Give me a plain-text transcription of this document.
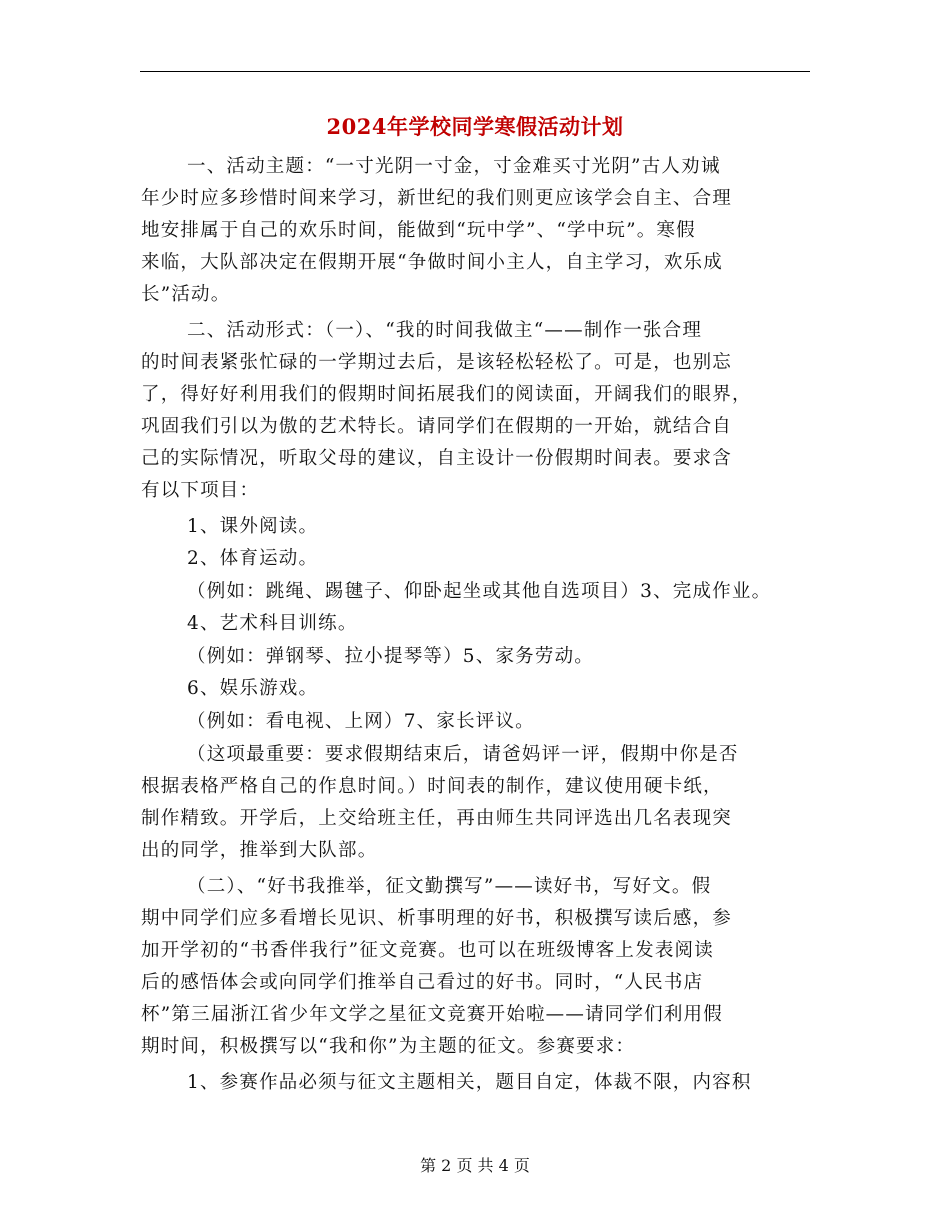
2024年学校同学寒假活动计划
一、活动主题：“一寸光阴一寸金，寸金难买寸光阴”古人劝诫
年少时应多珍惜时间来学习，新世纪的我们则更应该学会自主、合理
地安排属于自己的欢乐时间，能做到“玩中学”、“学中玩”。寒假
来临，大队部决定在假期开展“争做时间小主人，自主学习，欢乐成
长”活动。
二、活动形式：（一）、“我的时间我做主“——制作一张合理
的时间表紧张忙碌的一学期过去后，是该轻松轻松了。可是，也别忘
了，得好好利用我们的假期时间拓展我们的阅读面，开阔我们的眼界，
巩固我们引以为傲的艺术特长。请同学们在假期的一开始，就结合自
己的实际情况，听取父母的建议，自主设计一份假期时间表。要求含
有以下项目：
1、课外阅读。
2、体育运动。
（例如：跳绳、踢毽子、仰卧起坐或其他自选项目）3、完成作业。
4、艺术科目训练。
（例如：弹钢琴、拉小提琴等）5、家务劳动。
6、娱乐游戏。
（例如：看电视、上网）7、家长评议。
（这项最重要：要求假期结束后，请爸妈评一评，假期中你是否
根据表格严格自己的作息时间。）时间表的制作，建议使用硬卡纸，
制作精致。开学后，上交给班主任，再由师生共同评选出几名表现突
出的同学，推举到大队部。
（二）、“好书我推举，征文勤撰写”——读好书，写好文。假
期中同学们应多看增长见识、析事明理的好书，积极撰写读后感，参
加开学初的“书香伴我行”征文竞赛。也可以在班级博客上发表阅读
后的感悟体会或向同学们推举自己看过的好书。同时，“人民书店
杯”第三届浙江省少年文学之星征文竞赛开始啦——请同学们利用假
期时间，积极撰写以“我和你”为主题的征文。参赛要求：
1、参赛作品必须与征文主题相关，题目自定，体裁不限，内容积
第 2 页 共 4 页
